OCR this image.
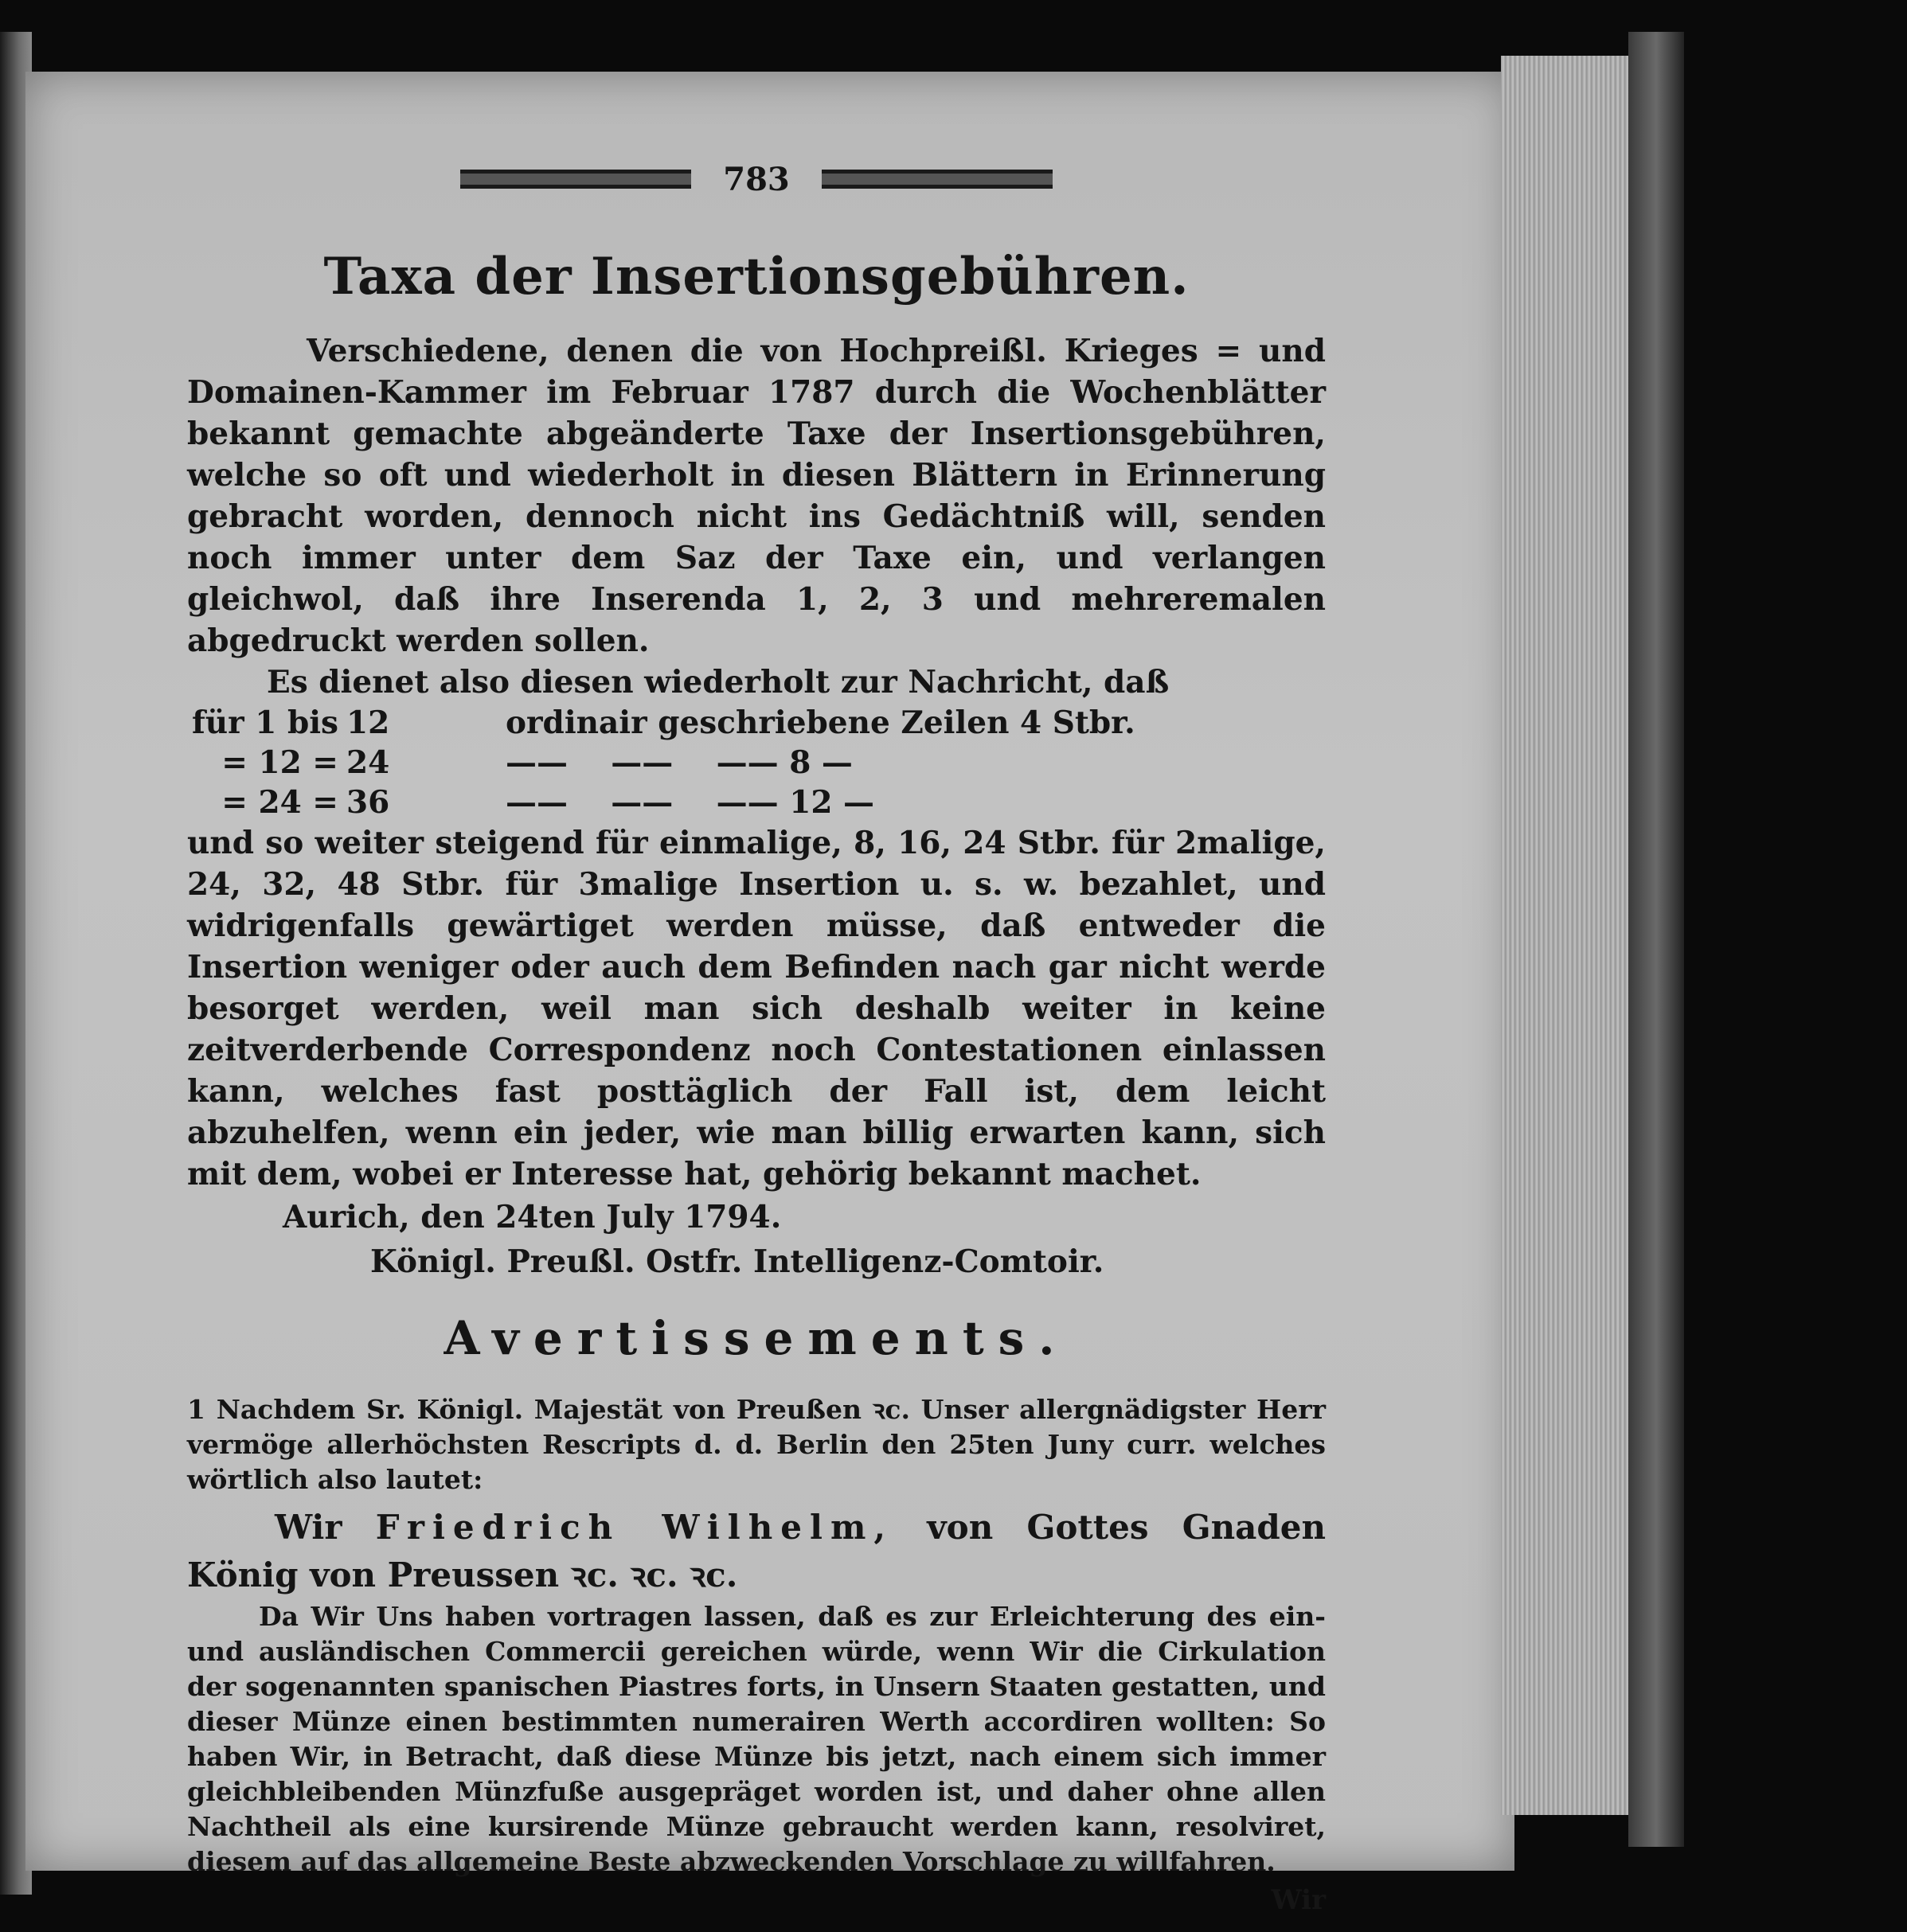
783
Taxa der Insertionsgebühren.

Verschiedene, denen die von Hochpreißl. Krieges = und Domainen-Kammer im Februar 1787 durch die Wochenblätter bekannt gemachte abgeänderte Taxe der Insertionsgebühren, welche so oft und wiederholt in diesen Blättern in Erinnerung gebracht worden, dennoch nicht ins Gedächtniß will, senden noch immer unter dem Saz der Taxe ein, und verlangen gleichwol, daß ihre Inserenda 1, 2, 3 und mehreremalen abgedruckt werden sollen.

Es dienet also diesen wiederholt zur Nachricht, daß

für 1 bis 12	ordinair geschriebene Zeilen 4 Stbr.
= 12 = 24	——    ——    —— 8 —
= 24 = 36	——    ——    —— 12 —

und so weiter steigend für einmalige, 8, 16, 24 Stbr. für 2malige, 24, 32, 48 Stbr. für 3malige Insertion u. s. w. bezahlet, und widrigenfalls gewärtiget werden müsse, daß entweder die Insertion weniger oder auch dem Befinden nach gar nicht werde besorget werden, weil man sich deshalb weiter in keine zeitverderbende Correspondenz noch Contestationen einlassen kann, welches fast posttäglich der Fall ist, dem leicht abzuhelfen, wenn ein jeder, wie man billig erwarten kann, sich mit dem, wobei er Interesse hat, gehörig bekannt machet.

Aurich, den 24ten July 1794.
Königl. Preußl. Ostfr. Intelligenz-Comtoir.
Avertissements.
1 Nachdem Sr. Königl. Majestät von Preußen ꝛc. Unser allergnädigster Herr vermöge allerhöchsten Rescripts d. d. Berlin den 25ten Juny curr. welches wörtlich also lautet:
Wir Friedrich Wilhelm, von Gottes Gnaden König von Preussen ꝛc. ꝛc. ꝛc.
Da Wir Uns haben vortragen lassen, daß es zur Erleichterung des ein- und ausländischen Commercii gereichen würde, wenn Wir die Cirkulation der sogenannten spanischen Piastres forts, in Unsern Staaten gestatten, und dieser Münze einen bestimmten numerairen Werth accordiren wollten: So haben Wir, in Betracht, daß diese Münze bis jetzt, nach einem sich immer gleichbleibenden Münzfuße ausgepräget worden ist, und daher ohne allen Nachtheil als eine kursirende Münze gebraucht werden kann, resolviret, diesem auf das allgemeine Beste abzweckenden Vorschlage zu willfahren.
Wir
